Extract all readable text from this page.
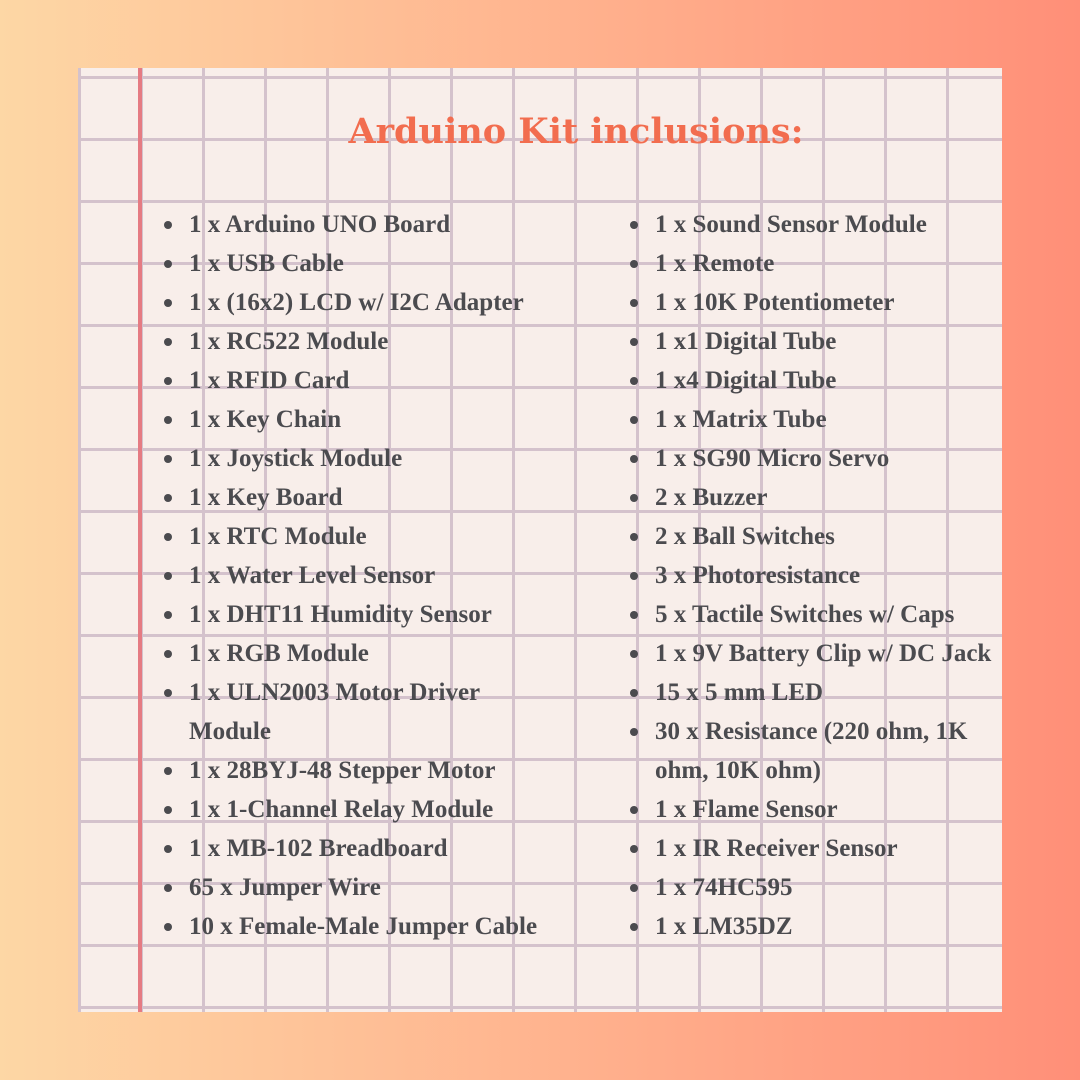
Arduino Kit inclusions:
1 x Arduino UNO Board
1 x USB Cable
1 x (16x2) LCD w/ I2C Adapter
1 x RC522 Module
1 x RFID Card
1 x Key Chain
1 x Joystick Module
1 x Key Board
1 x RTC Module
1 x Water Level Sensor
1 x DHT11 Humidity Sensor
1 x RGB Module
1 x ULN2003 Motor Driver Module
1 x 28BYJ-48 Stepper Motor
1 x 1-Channel Relay Module
1 x MB-102 Breadboard
65 x Jumper Wire
10 x Female-Male Jumper Cable
1 x Sound Sensor Module
1 x Remote
1 x 10K Potentiometer
1 x1 Digital Tube
1 x4 Digital Tube
1 x Matrix Tube
1 x SG90 Micro Servo
2 x Buzzer
2 x Ball Switches
3 x Photoresistance
5 x Tactile Switches w/ Caps
1 x 9V Battery Clip w/ DC Jack
15 x 5 mm LED
30 x Resistance (220 ohm, 1K ohm, 10K ohm)
1 x Flame Sensor
1 x IR Receiver Sensor
1 x 74HC595
1 x LM35DZ
